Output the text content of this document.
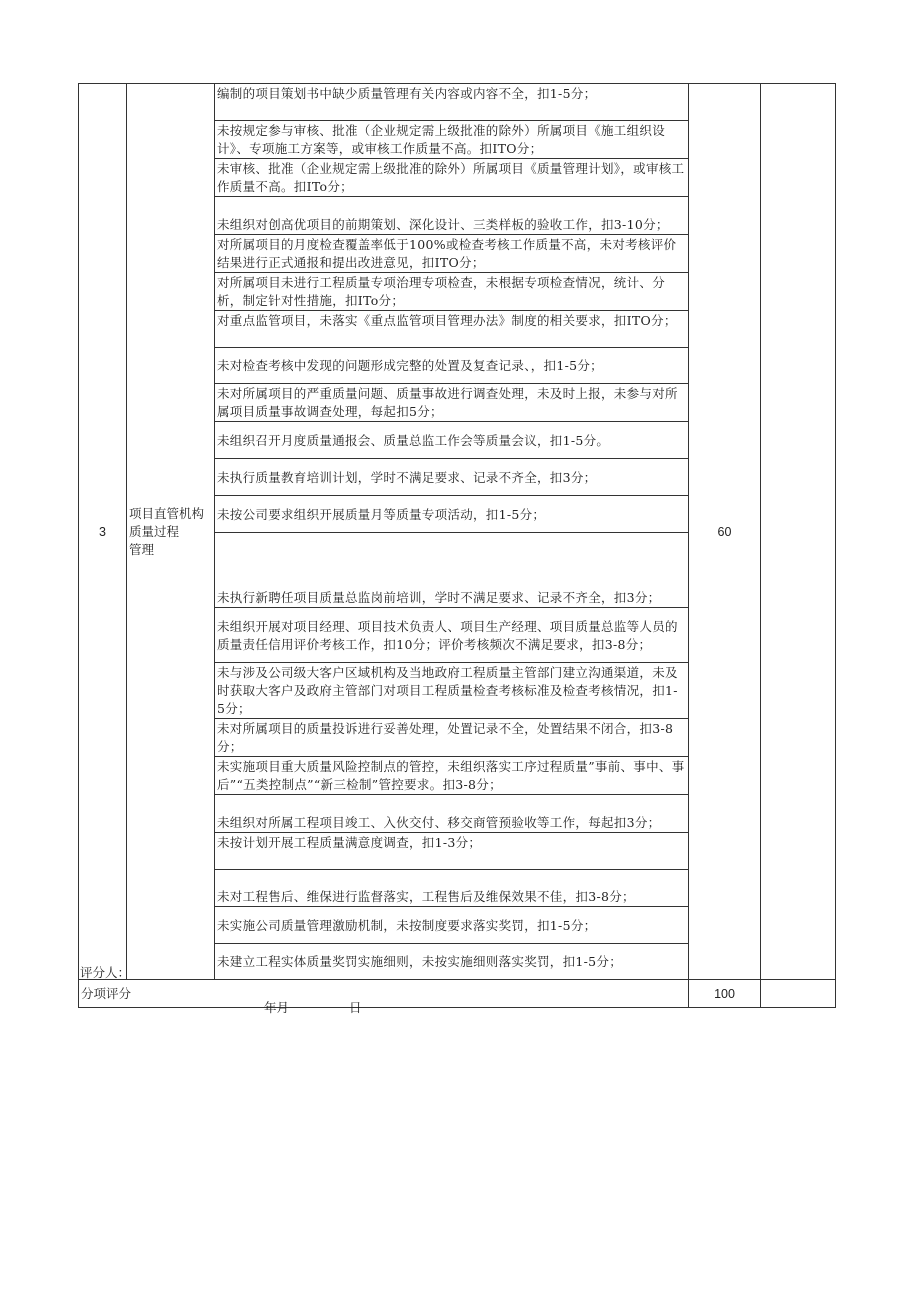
3	项目直管机构
质量过程
管理	编制的项目策划书中缺少质量管理有关内容或内容不全，扣1-5分；	60	
		未按规定参与审核、批准（企业规定需上级批准的除外）所属项目《施工组织设计》、专项施工方案等，或审核工作质量不高。扣ITO分；		
		未审核、批准（企业规定需上级批准的除外）所属项目《质量管理计划》，或审核工作质量不高。扣ITo分；		
		未组织对创高优项目的前期策划、深化设计、三类样板的验收工作，扣3-10分；		
		对所属项目的月度检查覆盖率低于100%或检查考核工作质量不高，未对考核评价结果进行正式通报和提出改进意见，扣ITO分；		
		对所属项目未进行工程质量专项治理专项检查，未根据专项检查情况，统计、分析，制定针对性措施，扣ITo分；		
		对重点监管项目，未落实《重点监管项目管理办法》制度的相关要求，扣ITO分；		
		未对检查考核中发现的问题形成完整的处置及复查记录、，扣1-5分；		
		未对所属项目的严重质量问题、质量事故进行调查处理，未及时上报，未参与对所属项目质量事故调查处理，每起扣5分；		
		未组织召开月度质量通报会、质量总监工作会等质量会议，扣1-5分。		
		未执行质量教育培训计划，学时不满足要求、记录不齐全，扣3分；		
		未按公司要求组织开展质量月等质量专项活动，扣1-5分；		
		未执行新聘任项目质量总监岗前培训，学时不满足要求、记录不齐全，扣3分；		
		未组织开展对项目经理、项目技术负责人、项目生产经理、项目质量总监等人员的质量责任信用评价考核工作，扣10分；评价考核频次不满足要求，扣3-8分；		
		未与涉及公司级大客户区域机构及当地政府工程质量主管部门建立沟通渠道，未及时获取大客户及政府主管部门对项目工程质量检查考核标准及检查考核情况，扣1-5分；		
		未对所属项目的质量投诉进行妥善处理，处置记录不全，处置结果不闭合，扣3-8分；		
		未实施项目重大质量风险控制点的管控，未组织落实工序过程质量”事前、事中、事后”“五类控制点”“新三检制”管控要求。扣3-8分；		
		未组织对所属工程项目竣工、入伙交付、移交商管预验收等工作，每起扣3分；		
		未按计划开展工程质量满意度调查，扣1-3分；		
		未对工程售后、维保进行监督落实，工程售后及维保效果不佳，扣3-8分；		
		未实施公司质量管理激励机制，未按制度要求落实奖罚，扣1-5分；		
		未建立工程实体质量奖罚实施细则，未按实施细则落实奖罚，扣1-5分；		
分项评分			100	
评分人：
年月	日
